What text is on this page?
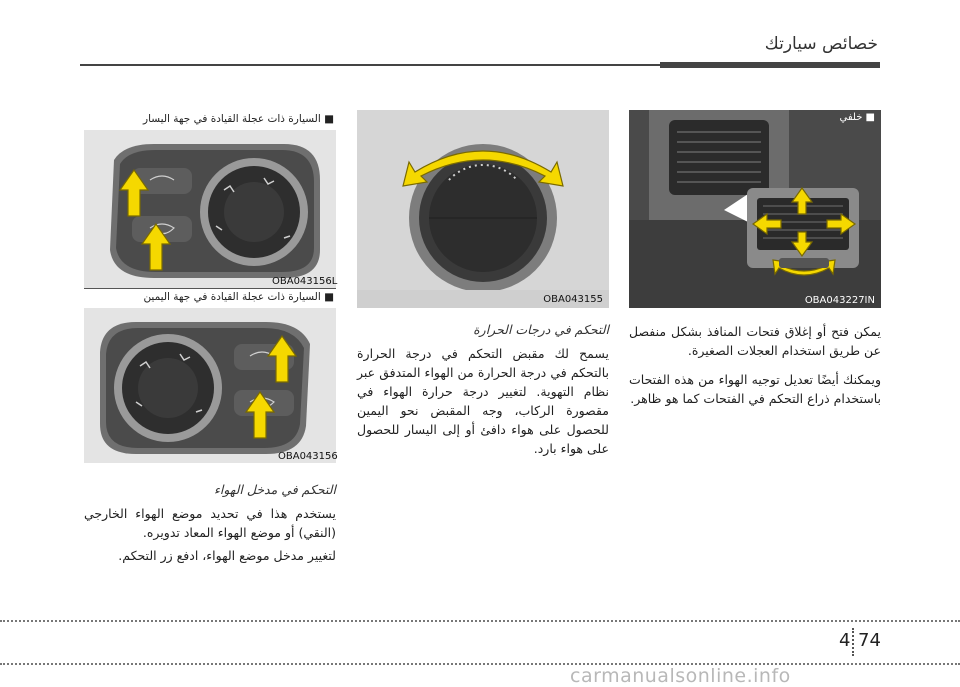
خصائص سيارتك
■ خلفي
OBA043227IN
OBA043155
■ السيارة ذات عجلة القيادة في جهة اليسار
OBA043156L
■ السيارة ذات عجلة القيادة في جهة اليمين
OBA043156
يمكن فتح أو إغلاق فتحات المنافذ بشكل منفصل عن طريق استخدام العجلات الصغيرة.
ويمكنك أيضًا تعديل توجيه الهواء من هذه الفتحات باستخدام ذراع التحكم في الفتحات كما هو ظاهر.
التحكم في درجات الحرارة
يسمح لك مقبض التحكم في درجة الحرارة بالتحكم في درجة الحرارة من الهواء المتدفق عبر نظام التهوية. لتغيير درجة حرارة الهواء في مقصورة الركاب، وجه المقبض نحو اليمين للحصول على هواء دافئ أو إلى اليسار للحصول على هواء بارد.
التحكم في مدخل الهواء
يستخدم هذا في تحديد موضع الهواء الخارجي (النقي) أو موضع الهواء المعاد تدويره.
لتغيير مدخل موضع الهواء، ادفع زر التحكم.
4 74
carmanualsonline.info
